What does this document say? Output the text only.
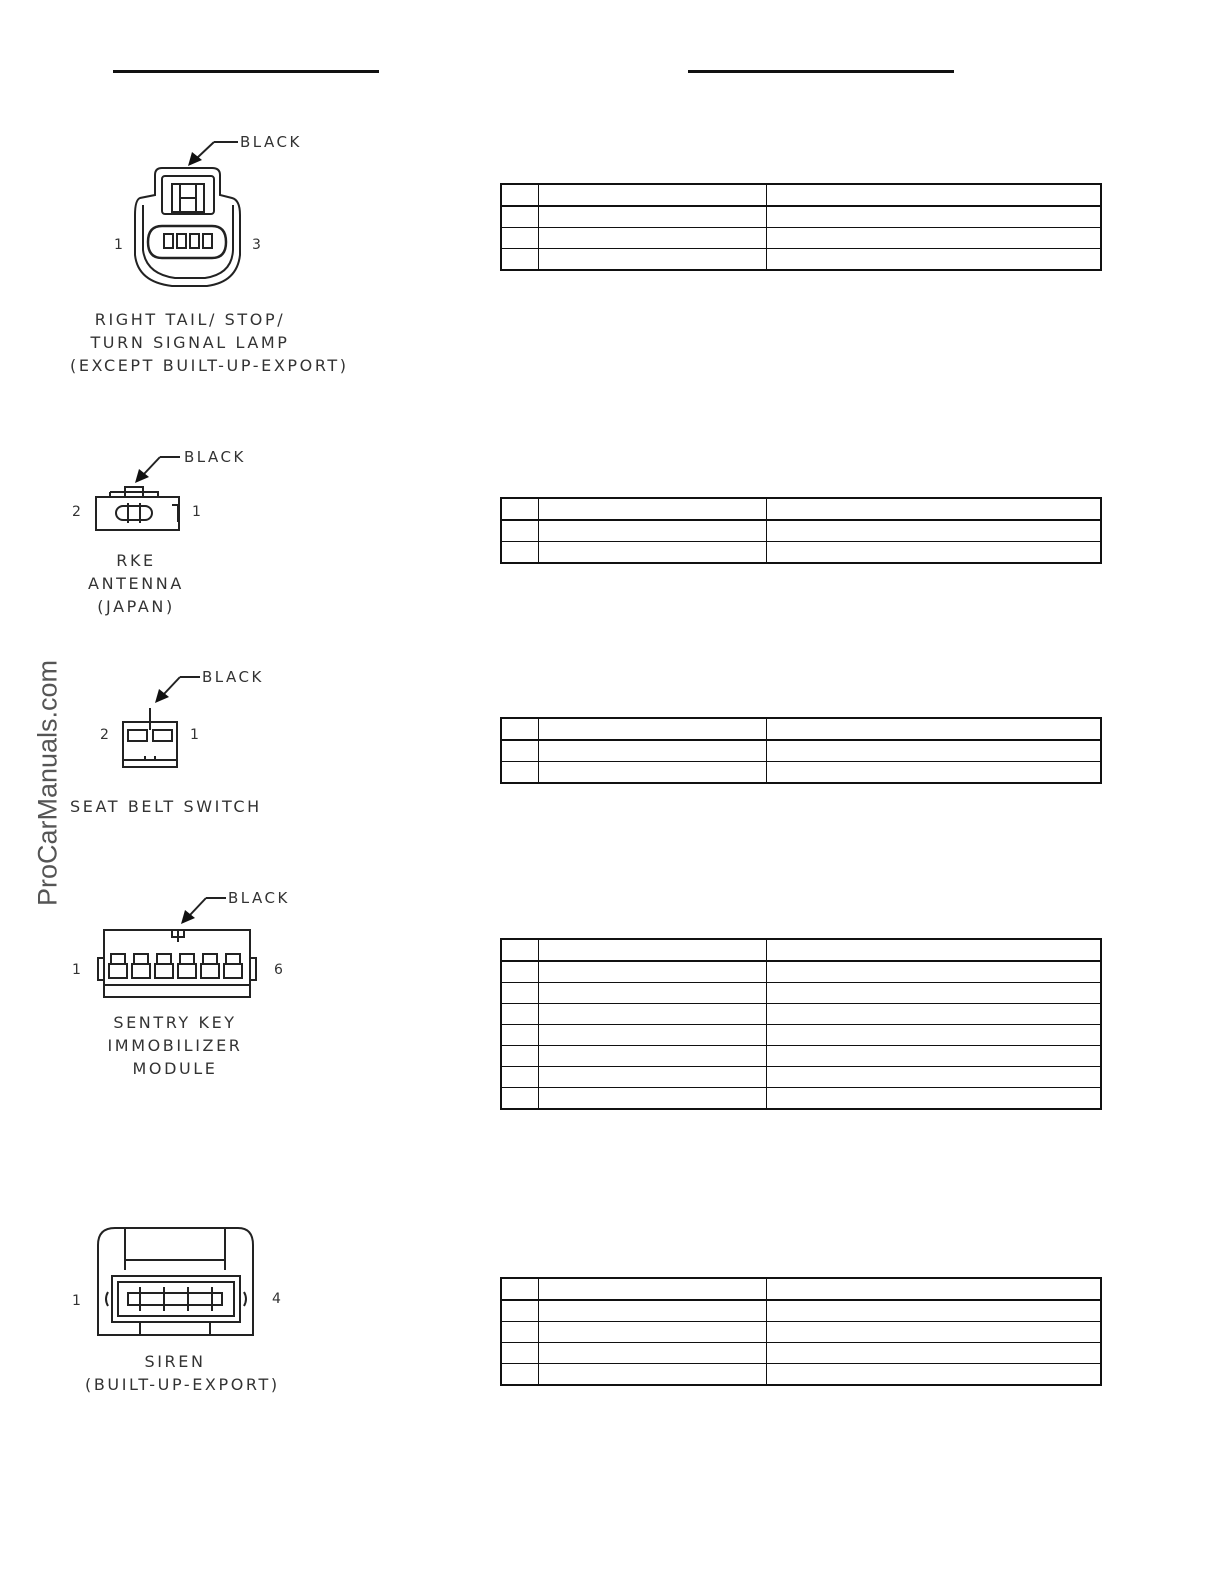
ProCarManuals.com
BLACK
1	3
RIGHT TAIL/ STOP/
TURN SIGNAL LAMP
(EXCEPT BUILT-UP-EXPORT)

BLACK
2	1
RKE
ANTENNA
(JAPAN)

BLACK
2	1
SEAT BELT SWITCH

BLACK
1	6
SENTRY KEY
IMMOBILIZER
MODULE

1	4
SIREN
(BUILT-UP-EXPORT)
